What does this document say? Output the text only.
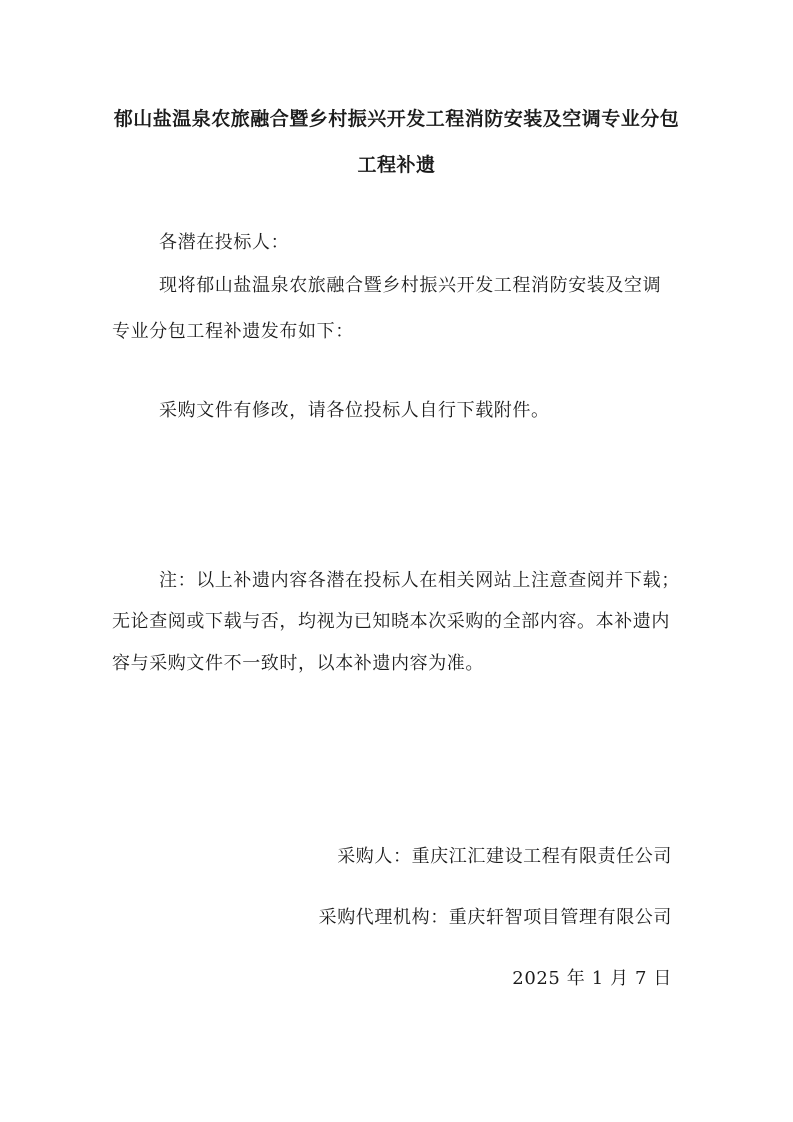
郁山盐温泉农旅融合暨乡村振兴开发工程消防安装及空调专业分包
工程补遗
各潜在投标人：
现将郁山盐温泉农旅融合暨乡村振兴开发工程消防安装及空调
专业分包工程补遗发布如下：
采购文件有修改，请各位投标人自行下载附件。
注：以上补遗内容各潜在投标人在相关网站上注意查阅并下载；
无论查阅或下载与否，均视为已知晓本次采购的全部内容。本补遗内
容与采购文件不一致时，以本补遗内容为准。
采购人：重庆江汇建设工程有限责任公司
采购代理机构：重庆轩智项目管理有限公司
2025 年 1 月 7 日
